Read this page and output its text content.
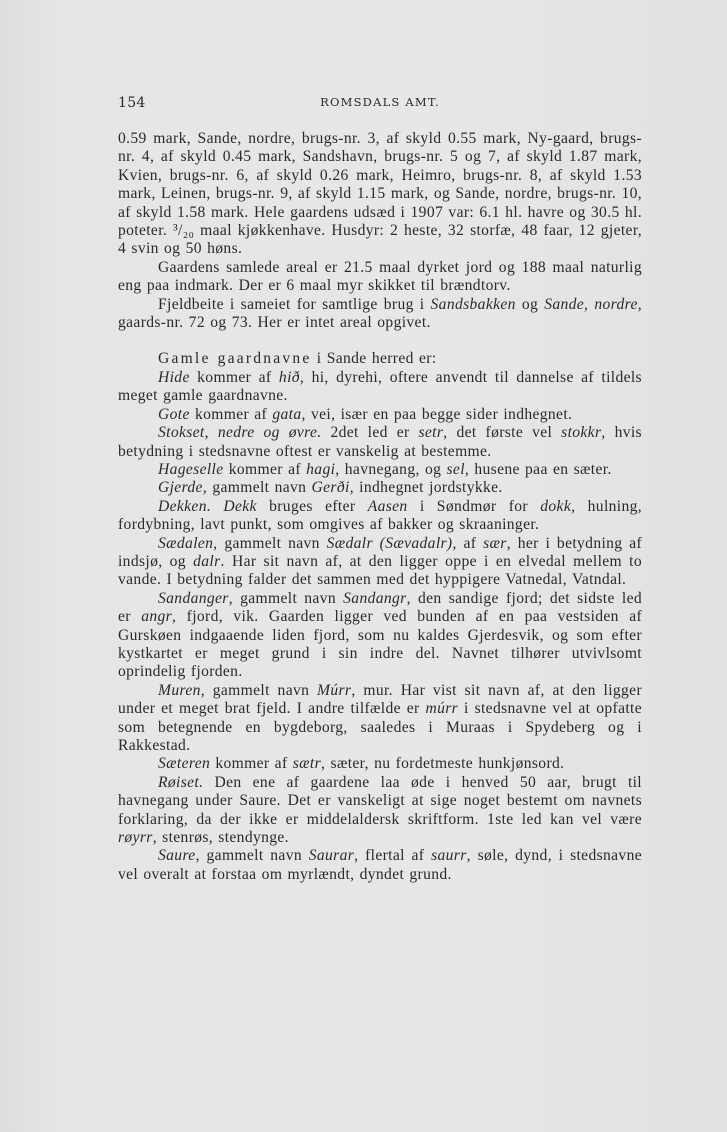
154	ROMSDALS AMT.

0.59 mark, Sande, nordre, brugs-nr. 3, af skyld 0.55 mark, Ny-gaard, brugs-nr. 4, af skyld 0.45 mark, Sandshavn, brugs-nr. 5 og 7, af skyld 1.87 mark, Kvien, brugs-nr. 6, af skyld 0.26 mark, Heimro, brugs-nr. 8, af skyld 1.53 mark, Leinen, brugs-nr. 9, af skyld 1.15 mark, og Sande, nordre, brugs-nr. 10, af skyld 1.58 mark. Hele gaardens udsæd i 1907 var: 6.1 hl. havre og 30.5 hl. poteter. ³/₂₀ maal kjøkkenhave. Husdyr: 2 heste, 32 storfæ, 48 faar, 12 gjeter, 4 svin og 50 høns.

Gaardens samlede areal er 21.5 maal dyrket jord og 188 maal naturlig eng paa indmark. Der er 6 maal myr skikket til brændtorv.

Fjeldbeite i sameiet for samtlige brug i Sandsbakken og Sande, nordre, gaards-nr. 72 og 73. Her er intet areal opgivet.

Gamle gaardnavne i Sande herred er:

Hide kommer af hið, hi, dyrehi, oftere anvendt til dannelse af tildels meget gamle gaardnavne.

Gote kommer af gata, vei, især en paa begge sider indhegnet.

Stokset, nedre og øvre. 2det led er setr, det første vel stokkr, hvis betydning i stedsnavne oftest er vanskelig at bestemme.

Hageselle kommer af hagi, havnegang, og sel, husene paa en sæter.

Gjerde, gammelt navn Gerði, indhegnet jordstykke.

Dekken. Dekk bruges efter Aasen i Søndmør for dokk, hulning, fordybning, lavt punkt, som omgives af bakker og skraaninger.

Sædalen, gammelt navn Sædalr (Sævadalr), af sær, her i betydning af indsjø, og dalr. Har sit navn af, at den ligger oppe i en elvedal mellem to vande. I betydning falder det sammen med det hyppigere Vatnedal, Vatndal.

Sandanger, gammelt navn Sandangr, den sandige fjord; det sidste led er angr, fjord, vik. Gaarden ligger ved bunden af en paa vestsiden af Gurskøen indgaaende liden fjord, som nu kaldes Gjerdesvik, og som efter kystkartet er meget grund i sin indre del. Navnet tilhører utvivlsomt oprindelig fjorden.

Muren, gammelt navn Múrr, mur. Har vist sit navn af, at den ligger under et meget brat fjeld. I andre tilfælde er múrr i stedsnavne vel at opfatte som betegnende en bygdeborg, saaledes i Muraas i Spydeberg og i Rakkestad.

Sæteren kommer af sætr, sæter, nu fordetmeste hunkjønsord.

Røiset. Den ene af gaardene laa øde i henved 50 aar, brugt til havnegang under Saure. Det er vanskeligt at sige noget bestemt om navnets forklaring, da der ikke er middelaldersk skriftform. 1ste led kan vel være røyrr, stenrøs, stendynge.

Saure, gammelt navn Saurar, flertal af saurr, søle, dynd, i stedsnavne vel overalt at forstaa om myrlændt, dyndet grund.
